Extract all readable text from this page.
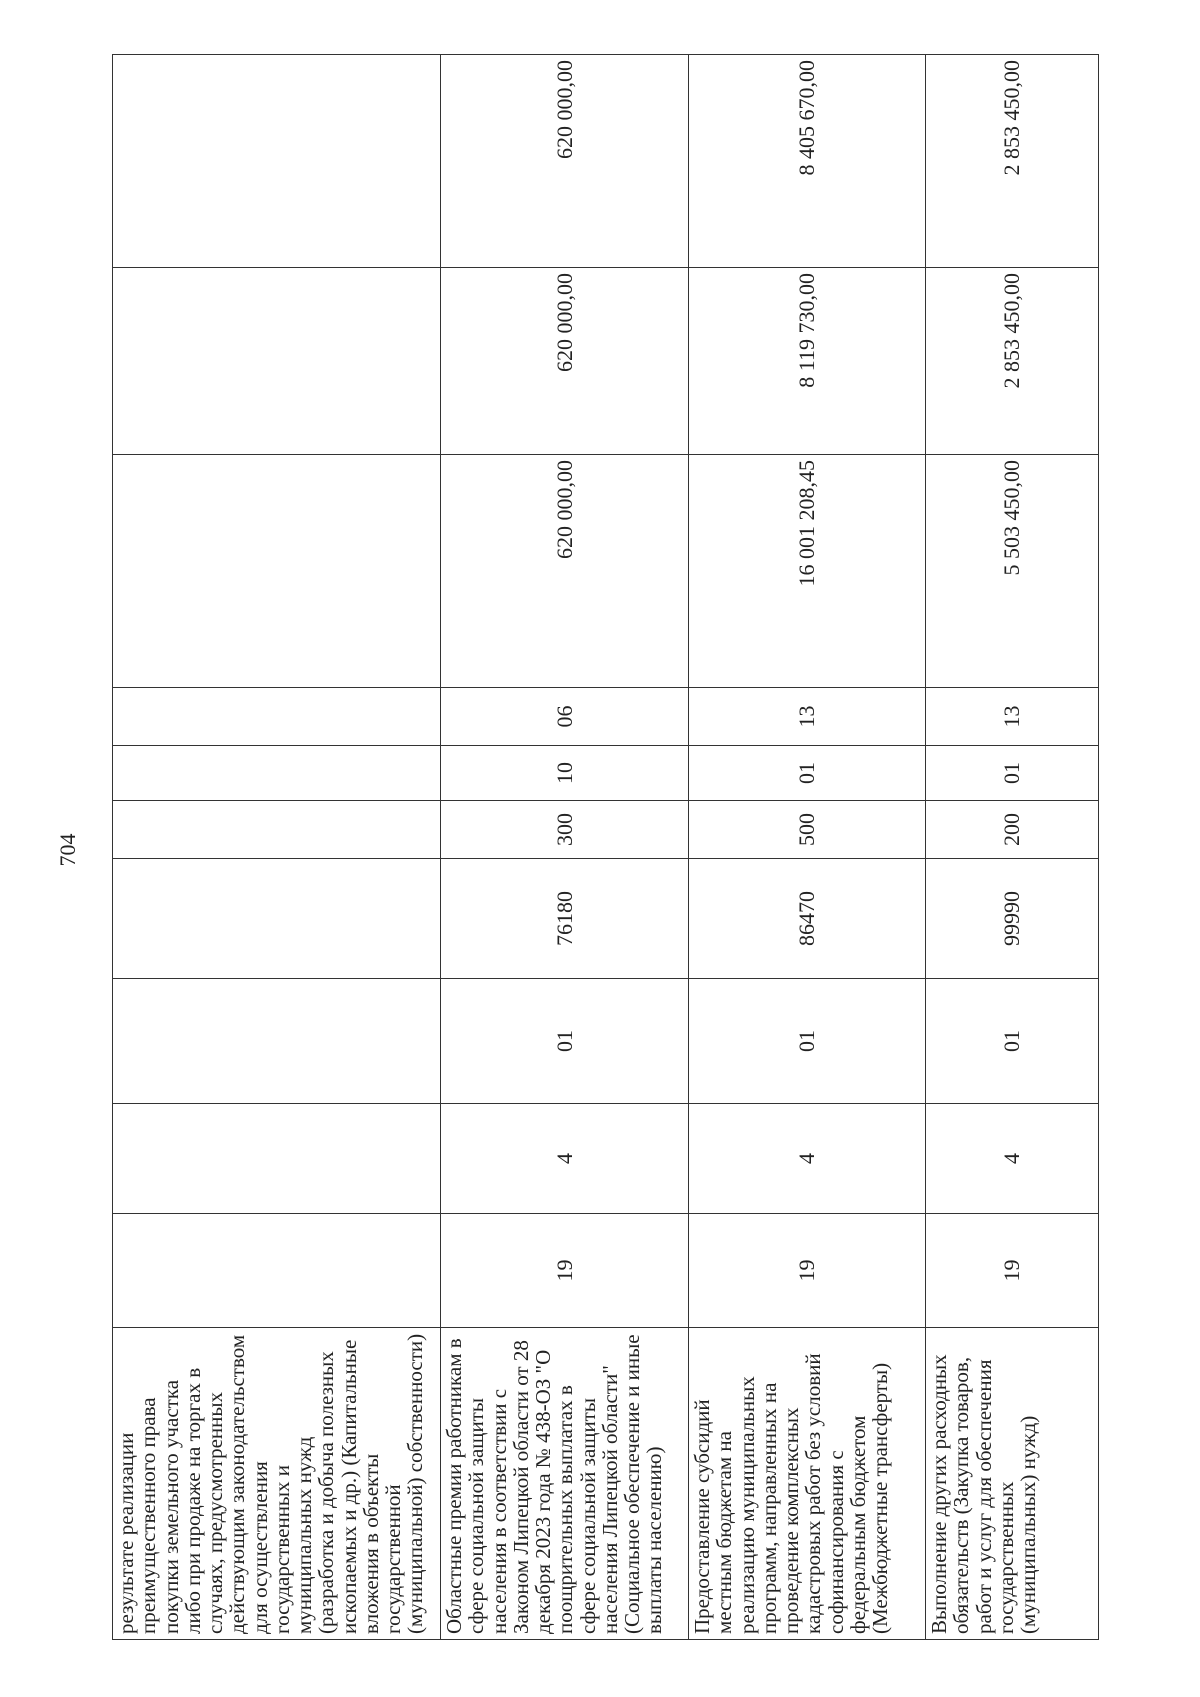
704
результате реализации преимущественного права покупки земельного участка либо при продаже на торгах в случаях, предусмотренных действующим законодательством для осуществления государственных и муниципальных нужд (разработка и добыча полезных ископаемых и др.) (Капитальные вложения в объекты государственной (муниципальной) собственности)										
Областные премии работникам в сфере социальной защиты населения в соответствии с Законом Липецкой области от 28 декабря 2023 года № 438-ОЗ "О поощрительных выплатах в сфере социальной защиты населения Липецкой области" (Социальное обеспечение и иные выплаты населению)	19	4	01	76180	300	10	06	620 000,00	620 000,00	620 000,00
Предоставление субсидий местным бюджетам на реализацию муниципальных программ, направленных на проведение комплексных кадастровых работ без условий софинансирования с федеральным бюджетом (Межбюджетные трансферты)	19	4	01	86470	500	01	13	16 001 208,45	8 119 730,00	8 405 670,00
Выполнение других расходных обязательств (Закупка товаров, работ и услуг для обеспечения государственных (муниципальных) нужд)	19	4	01	99990	200	01	13	5 503 450,00	2 853 450,00	2 853 450,00
